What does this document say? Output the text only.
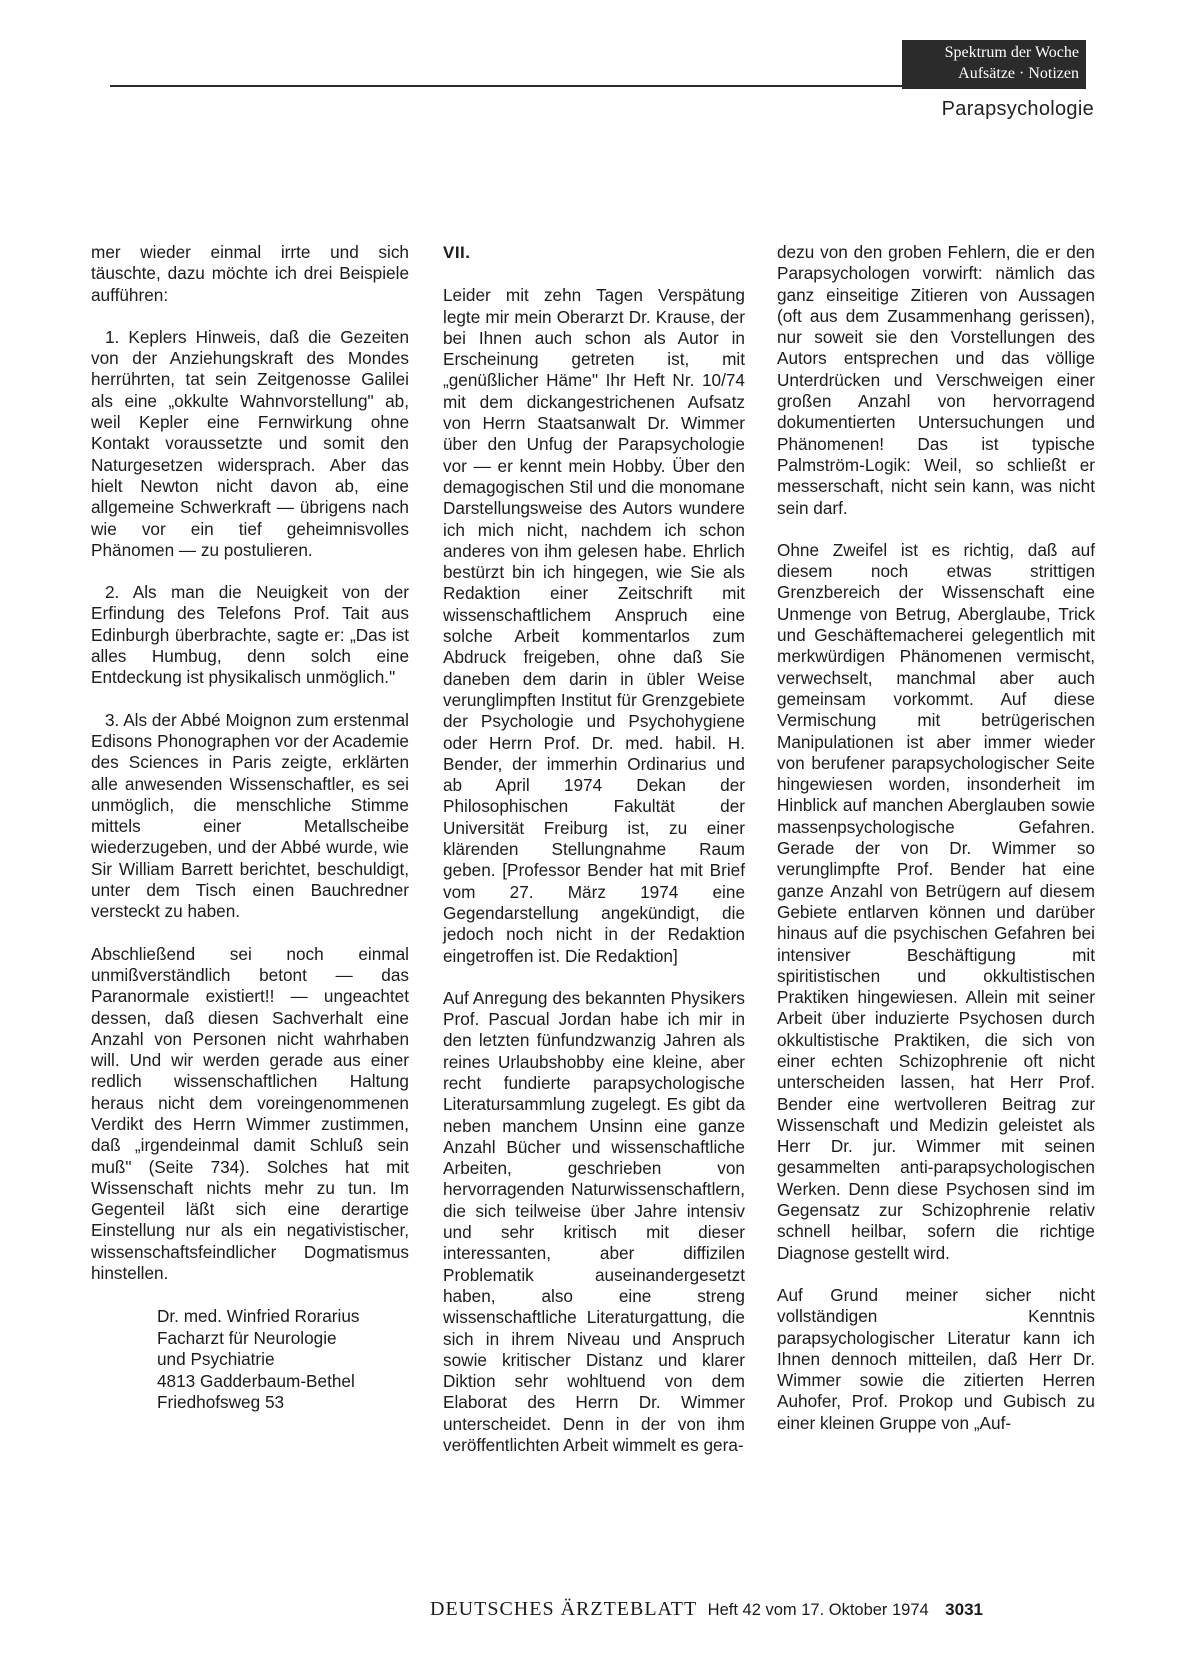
Spektrum der Woche
Aufsätze · Notizen
Parapsychologie

mer wieder einmal irrte und sich täuschte, dazu möchte ich drei Beispiele aufführen:

1. Keplers Hinweis, daß die Gezeiten von der Anziehungskraft des Mondes herrührten, tat sein Zeitgenosse Galilei als eine „okkulte Wahnvorstellung" ab, weil Kepler eine Fernwirkung ohne Kontakt voraussetzte und somit den Naturgesetzen widersprach. Aber das hielt Newton nicht davon ab, eine allgemeine Schwerkraft — übrigens nach wie vor ein tief geheimnisvolles Phänomen — zu postulieren.

2. Als man die Neuigkeit von der Erfindung des Telefons Prof. Tait aus Edinburgh überbrachte, sagte er: „Das ist alles Humbug, denn solch eine Entdeckung ist physikalisch unmöglich."

3. Als der Abbé Moignon zum erstenmal Edisons Phonographen vor der Academie des Sciences in Paris zeigte, erklärten alle anwesenden Wissenschaftler, es sei unmöglich, die menschliche Stimme mittels einer Metallscheibe wiederzugeben, und der Abbé wurde, wie Sir William Barrett berichtet, beschuldigt, unter dem Tisch einen Bauchredner versteckt zu haben.

Abschließend sei noch einmal unmißverständlich betont — das Paranormale existiert!! — ungeachtet dessen, daß diesen Sachverhalt eine Anzahl von Personen nicht wahrhaben will. Und wir werden gerade aus einer redlich wissenschaftlichen Haltung heraus nicht dem voreingenommenen Verdikt des Herrn Wimmer zustimmen, daß „irgendeinmal damit Schluß sein muß" (Seite 734). Solches hat mit Wissenschaft nichts mehr zu tun. Im Gegenteil läßt sich eine derartige Einstellung nur als ein negativistischer, wissenschaftsfeindlicher Dogmatismus hinstellen.

Dr. med. Winfried Rorarius
Facharzt für Neurologie
und Psychiatrie
4813 Gadderbaum-Bethel
Friedhofsweg 53
VII.

Leider mit zehn Tagen Verspätung legte mir mein Oberarzt Dr. Krause, der bei Ihnen auch schon als Autor in Erscheinung getreten ist, mit „genüßlicher Häme" Ihr Heft Nr. 10/74 mit dem dickangestrichenen Aufsatz von Herrn Staatsanwalt Dr. Wimmer über den Unfug der Parapsychologie vor — er kennt mein Hobby. Über den demagogischen Stil und die monomane Darstellungsweise des Autors wundere ich mich nicht, nachdem ich schon anderes von ihm gelesen habe. Ehrlich bestürzt bin ich hingegen, wie Sie als Redaktion einer Zeitschrift mit wissenschaftlichem Anspruch eine solche Arbeit kommentarlos zum Abdruck freigeben, ohne daß Sie daneben dem darin in übler Weise verunglimpften Institut für Grenzgebiete der Psychologie und Psychohygiene oder Herrn Prof. Dr. med. habil. H. Bender, der immerhin Ordinarius und ab April 1974 Dekan der Philosophischen Fakultät der Universität Freiburg ist, zu einer klärenden Stellungnahme Raum geben. [Professor Bender hat mit Brief vom 27. März 1974 eine Gegendarstellung angekündigt, die jedoch noch nicht in der Redaktion eingetroffen ist. Die Redaktion]

Auf Anregung des bekannten Physikers Prof. Pascual Jordan habe ich mir in den letzten fünfundzwanzig Jahren als reines Urlaubshobby eine kleine, aber recht fundierte parapsychologische Literatursammlung zugelegt. Es gibt da neben manchem Unsinn eine ganze Anzahl Bücher und wissenschaftliche Arbeiten, geschrieben von hervorragenden Naturwissenschaftlern, die sich teilweise über Jahre intensiv und sehr kritisch mit dieser interessanten, aber diffizilen Problematik auseinandergesetzt haben, also eine streng wissenschaftliche Literaturgattung, die sich in ihrem Niveau und Anspruch sowie kritischer Distanz und klarer Diktion sehr wohltuend von dem Elaborat des Herrn Dr. Wimmer unterscheidet. Denn in der von ihm veröffentlichten Arbeit wimmelt es gera-

dezu von den groben Fehlern, die er den Parapsychologen vorwirft: nämlich das ganz einseitige Zitieren von Aussagen (oft aus dem Zusammenhang gerissen), nur soweit sie den Vorstellungen des Autors entsprechen und das völlige Unterdrücken und Verschweigen einer großen Anzahl von hervorragend dokumentierten Untersuchungen und Phänomenen! Das ist typische Palmström-Logik: Weil, so schließt er messerschaft, nicht sein kann, was nicht sein darf.

Ohne Zweifel ist es richtig, daß auf diesem noch etwas strittigen Grenzbereich der Wissenschaft eine Unmenge von Betrug, Aberglaube, Trick und Geschäftemacherei gelegentlich mit merkwürdigen Phänomenen vermischt, verwechselt, manchmal aber auch gemeinsam vorkommt. Auf diese Vermischung mit betrügerischen Manipulationen ist aber immer wieder von berufener parapsychologischer Seite hingewiesen worden, insonderheit im Hinblick auf manchen Aberglauben sowie massenpsychologische Gefahren. Gerade der von Dr. Wimmer so verunglimpfte Prof. Bender hat eine ganze Anzahl von Betrügern auf diesem Gebiete entlarven können und darüber hinaus auf die psychischen Gefahren bei intensiver Beschäftigung mit spiritistischen und okkultistischen Praktiken hingewiesen. Allein mit seiner Arbeit über induzierte Psychosen durch okkultistische Praktiken, die sich von einer echten Schizophrenie oft nicht unterscheiden lassen, hat Herr Prof. Bender eine wertvolleren Beitrag zur Wissenschaft und Medizin geleistet als Herr Dr. jur. Wimmer mit seinen gesammelten anti-parapsychologischen Werken. Denn diese Psychosen sind im Gegensatz zur Schizophrenie relativ schnell heilbar, sofern die richtige Diagnose gestellt wird.

Auf Grund meiner sicher nicht vollständigen Kenntnis parapsychologischer Literatur kann ich Ihnen dennoch mitteilen, daß Herr Dr. Wimmer sowie die zitierten Herren Auhofer, Prof. Prokop und Gubisch zu einer kleinen Gruppe von „Auf-

DEUTSCHES ÄRZTEBLATT Heft 42 vom 17. Oktober 1974 3031
